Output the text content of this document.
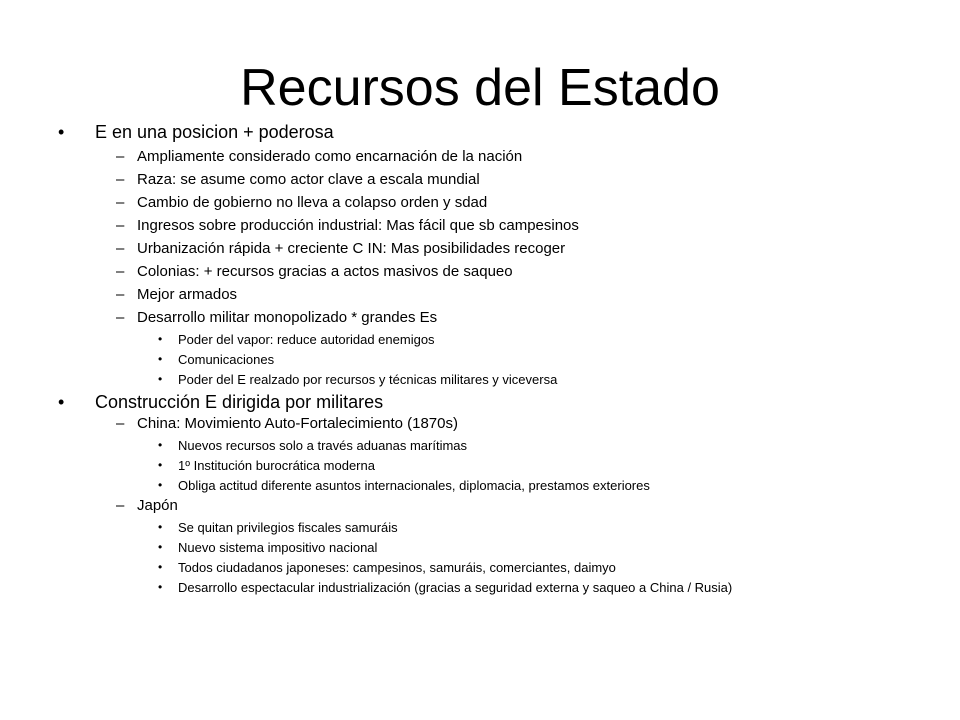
Recursos del Estado
• E en una posicion + poderosa
– Ampliamente considerado como encarnación de la nación
– Raza: se asume como actor clave a escala mundial
– Cambio de gobierno no lleva a colapso orden y sdad
– Ingresos sobre producción industrial: Mas fácil que sb campesinos
– Urbanización rápida + creciente C IN: Mas posibilidades recoger
– Colonias: + recursos gracias a actos masivos de saqueo
– Mejor armados
– Desarrollo militar monopolizado * grandes Es
• Poder del vapor: reduce autoridad enemigos
• Comunicaciones
• Poder del E realzado por recursos y técnicas militares y viceversa
• Construcción E dirigida por militares
– China: Movimiento Auto-Fortalecimiento (1870s)
• Nuevos recursos solo a través aduanas marítimas
• 1º Institución burocrática moderna
• Obliga actitud diferente asuntos internacionales, diplomacia, prestamos exteriores
– Japón
• Se quitan privilegios fiscales samuráis
• Nuevo sistema impositivo nacional
• Todos ciudadanos japoneses: campesinos, samuráis, comerciantes, daimyo
• Desarrollo espectacular industrialización (gracias a seguridad externa y saqueo a China / Rusia)
